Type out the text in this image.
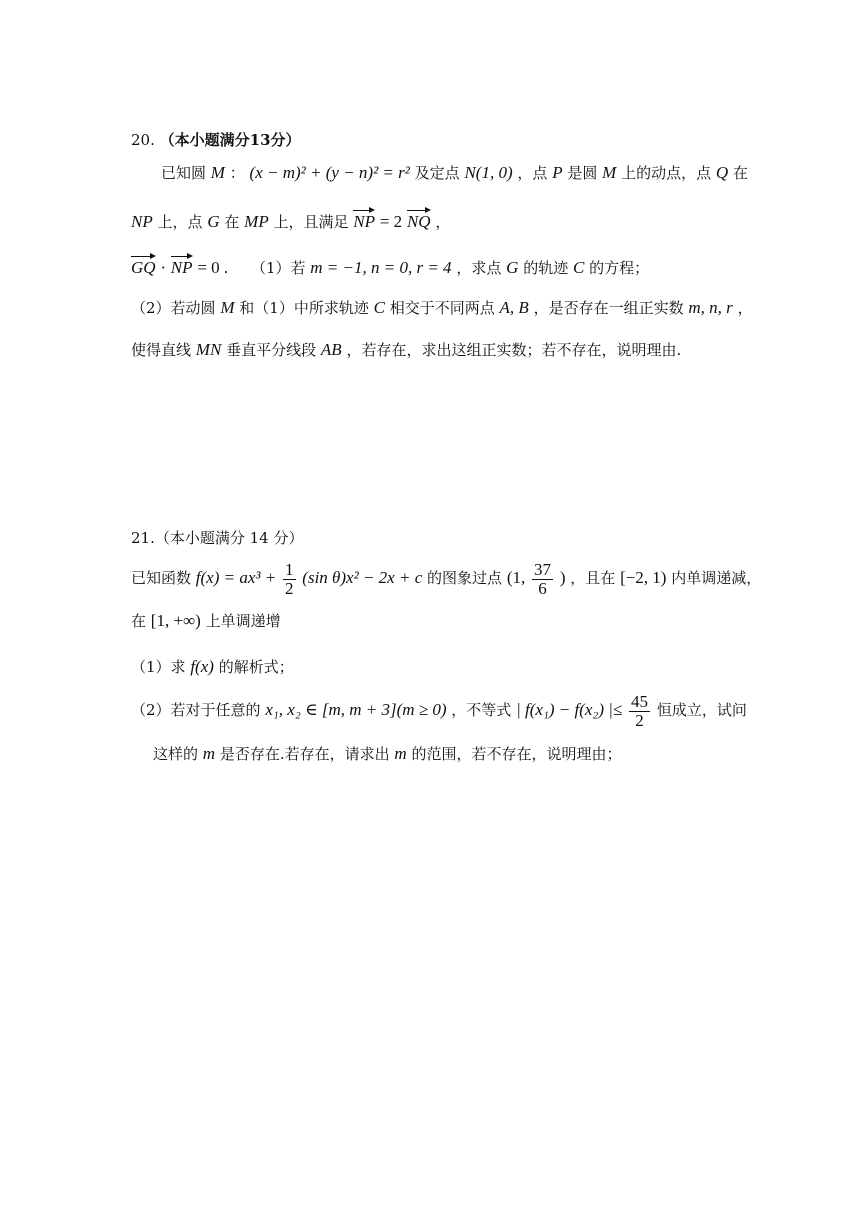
20. （本小题满分13分）
已知圆 M ： (x − m)² + (y − n)² = r² 及定点 N(1, 0) ，点 P 是圆 M 上的动点，点 Q 在
NP 上，点 G 在 MP 上，且满足 NP = 2 NQ ，
GQ · NP = 0 . （1）若 m = −1, n = 0, r = 4 ，求点 G 的轨迹 C 的方程；
（2）若动圆 M 和（1）中所求轨迹 C 相交于不同两点 A, B ，是否存在一组正实数 m, n, r ，
使得直线 MN 垂直平分线段 AB ，若存在，求出这组正实数；若不存在，说明理由.
21.（本小题满分 14 分）
已知函数 $f(x) = ax^3 + \frac{1}{2} (\sin$ θ)x² − 2x + c 的图象过点 (1, $\frac{37}{6}$ ) ，且在 [−2, 1) 内单调递减，
在 [1, +∞) 上单调递增
（1）求 f(x) 的解析式；
（2）若对于任意的 x₁, x₂ ∈ [m, m + 3](m ≥ 0) ，不等式 | f(x₁) − f(x₂) |≤ $\frac{45}{2}$ 恒成立，试问
这样的 m 是否存在.若存在，请求出 m 的范围，若不存在，说明理由；
